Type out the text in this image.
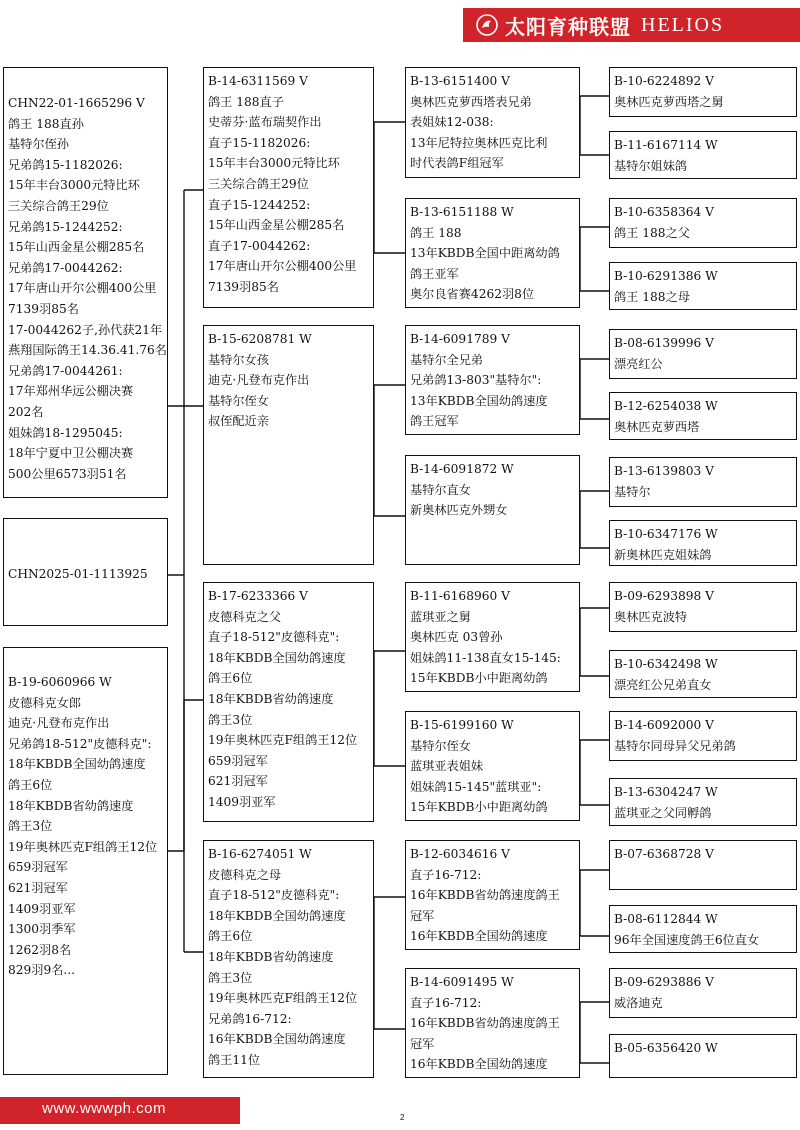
太阳育种联盟 HELIOS
CHN22-01-1665296 V
鸽王 188直孙
基特尔侄孙
兄弟鸽15-1182026:
15年丰台3000元特比环
三关综合鸽王29位
兄弟鸽15-1244252:
15年山西金星公棚285名
兄弟鸽17-0044262:
17年唐山开尔公棚400公里
7139羽85名
17-0044262子,孙代获21年
燕翔国际鸽王14.36.41.76名
兄弟鸽17-0044261:
17年郑州华远公棚决赛
202名
姐妹鸽18-1295045:
18年宁夏中卫公棚决赛
500公里6573羽51名
CHN2025-01-1113925
B-19-6060966 W
皮德科克女郎
迪克·凡登布克作出
兄弟鸽18-512"皮德科克":
18年KBDB全国幼鸽速度
鸽王6位
18年KBDB省幼鸽速度
鸽王3位
19年奥林匹克F组鸽王12位
659羽冠军
621羽冠军
1409羽亚军
1300羽季军
1262羽8名
829羽9名...
B-14-6311569 V
鸽王 188直子
史蒂芬·蓝布瑞契作出
直子15-1182026:
15年丰台3000元特比环
三关综合鸽王29位
直子15-1244252:
15年山西金星公棚285名
直子17-0044262:
17年唐山开尔公棚400公里
7139羽85名
B-15-6208781 W
基特尔女孩
迪克·凡登布克作出
基特尔侄女
叔侄配近亲
B-17-6233366 V
皮德科克之父
直子18-512"皮德科克":
18年KBDB全国幼鸽速度
鸽王6位
18年KBDB省幼鸽速度
鸽王3位
19年奥林匹克F组鸽王12位
659羽冠军
621羽冠军
1409羽亚军
B-16-6274051 W
皮德科克之母
直子18-512"皮德科克":
18年KBDB全国幼鸽速度
鸽王6位
18年KBDB省幼鸽速度
鸽王3位
19年奥林匹克F组鸽王12位
兄弟鸽16-712:
16年KBDB全国幼鸽速度
鸽王11位
B-13-6151400 V
奥林匹克萝西塔表兄弟
表姐妹12-038:
13年尼特拉奥林匹克比利
时代表鸽F组冠军
B-13-6151188 W
鸽王 188
13年KBDB全国中距离幼鸽
鸽王亚军
奥尔良省赛4262羽8位
B-14-6091789 V
基特尔全兄弟
兄弟鸽13-803"基特尔":
13年KBDB全国幼鸽速度
鸽王冠军
B-14-6091872 W
基特尔直女
新奥林匹克外甥女
B-11-6168960 V
蓝琪亚之舅
奥林匹克 03曾孙
姐妹鸽11-138直女15-145:
15年KBDB小中距离幼鸽
B-15-6199160 W
基特尔侄女
蓝琪亚表姐妹
姐妹鸽15-145"蓝琪亚":
15年KBDB小中距离幼鸽
B-12-6034616 V
直子16-712:
16年KBDB省幼鸽速度鸽王
冠军
16年KBDB全国幼鸽速度
B-14-6091495 W
直子16-712:
16年KBDB省幼鸽速度鸽王
冠军
16年KBDB全国幼鸽速度
B-10-6224892 V
奥林匹克萝西塔之舅
B-11-6167114 W
基特尔姐妹鸽
B-10-6358364 V
鸽王 188之父
B-10-6291386 W
鸽王 188之母
B-08-6139996 V
漂亮红公
B-12-6254038 W
奥林匹克萝西塔
B-13-6139803 V
基特尔
B-10-6347176 W
新奥林匹克姐妹鸽
B-09-6293898 V
奥林匹克波特
B-10-6342498 W
漂亮红公兄弟直女
B-14-6092000 V
基特尔同母异父兄弟鸽
B-13-6304247 W
蓝琪亚之父同孵鸽
B-07-6368728 V
B-08-6112844 W
96年全国速度鸽王6位直女
B-09-6293886 V
威洛迪克
B-05-6356420 W
www.wwwph.com
2
